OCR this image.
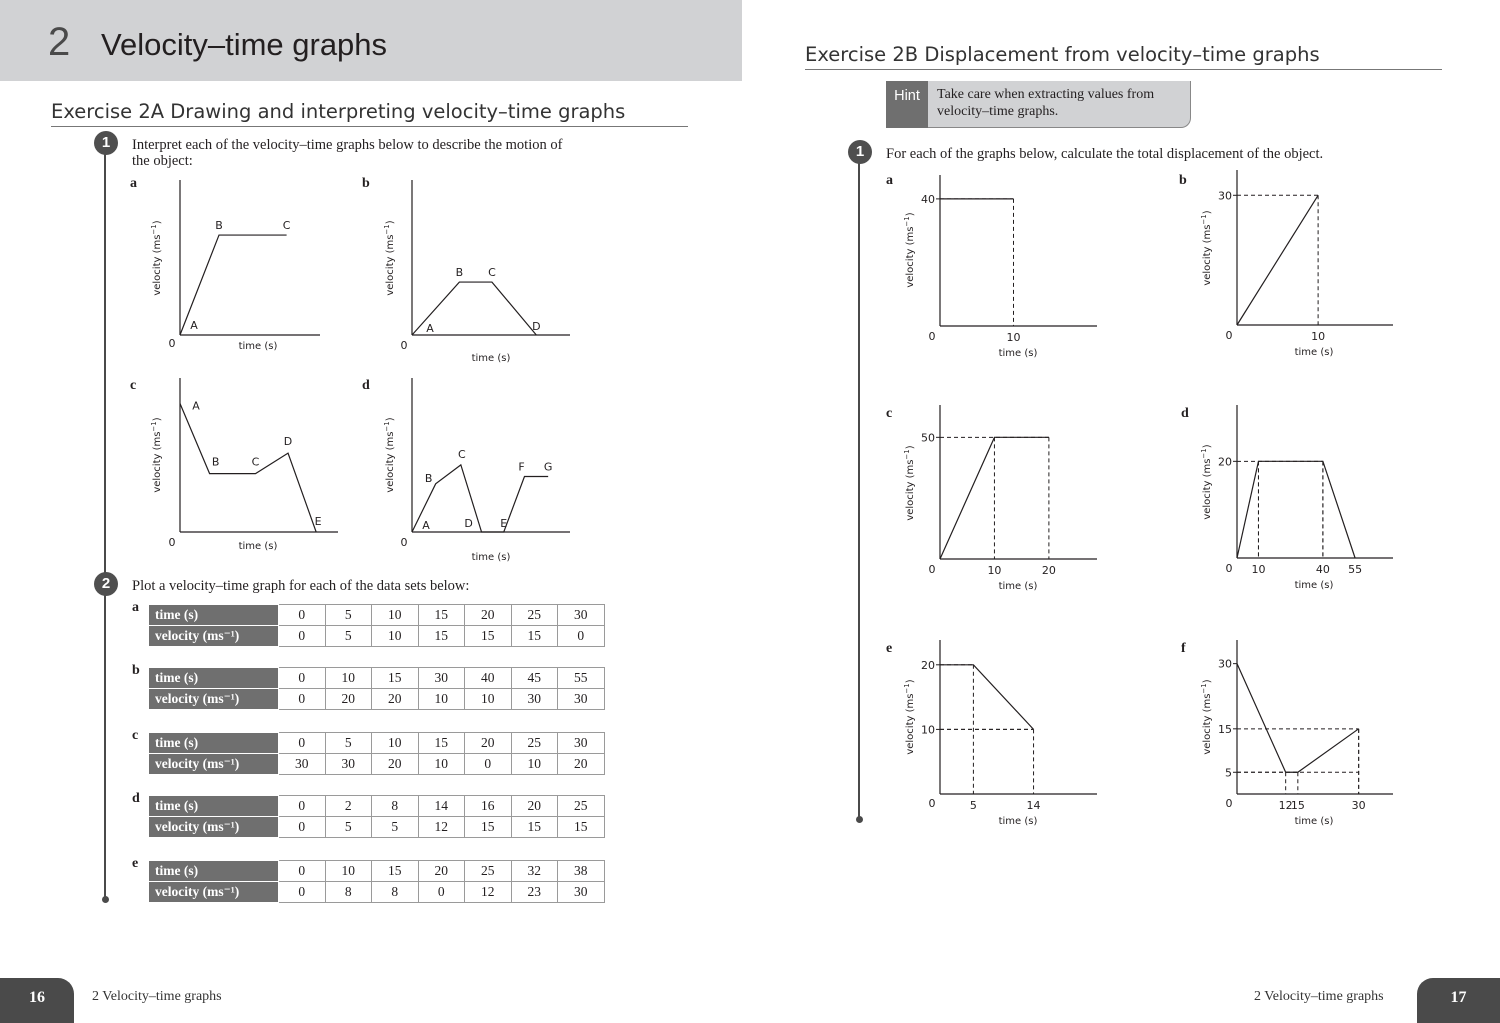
2 Velocity–time graphs
Exercise 2A Drawing and interpreting velocity–time graphs
1	Interpret each of the velocity–time graphs below to describe the motion of
the object:
2	Plot a velocity–time graph for each of the data sets below:
Exercise 2B Displacement from velocity–time graphs
Hint	Take care when extracting values from
velocity–time graphs.
1	For each of the graphs below, calculate the total displacement of the object.
a
time (s)
0
velocity $(ms^{-1})$
A
B	C
b
time (s)
0
velocity $(ms^{-1})$
A
B C
D
c
time (s)
0
velocity $(ms^{-1})$
A
B	C
D
E
d
time (s)
0
velocity $(ms^{-1})$
A
B
C
D E
F G
a
time (s)
0
velocity $(ms^{-1})$
10
40
b
time (s)
0
velocity $(ms^{-1})$
10
30
c
time (s)
0
velocity $(ms^{-1})$
10	20
50
d
time (s)
0
velocity $(ms^{-1})$
10	40 55
20
e
time (s)
0
velocity $(ms^{-1})$
5	14
10
20
f
time (s)
0
velocity $(ms^{-1})$
12
15	30
5
15
30
a time (s)	0	5	10	15	20	25	30
velocity (ms⁻¹)	0	5	10	15	15	15	0
b time (s)	0	10	15	30	40	45	55
velocity (ms⁻¹)	0	20	20	10	10	30	30
c time (s)	0	5	10	15	20	25	30
velocity (ms⁻¹)	30	30	20	10	0	10	20
d time (s)	0	2	8	14	16	20	25
velocity (ms⁻¹)	0	5	5	12	15	15	15
e time (s)	0	10	15	20	25	32	38
velocity (ms⁻¹)	0	8	8	0	12	23	30
16	2 Velocity–time graphs	2 Velocity–time graphs	17
